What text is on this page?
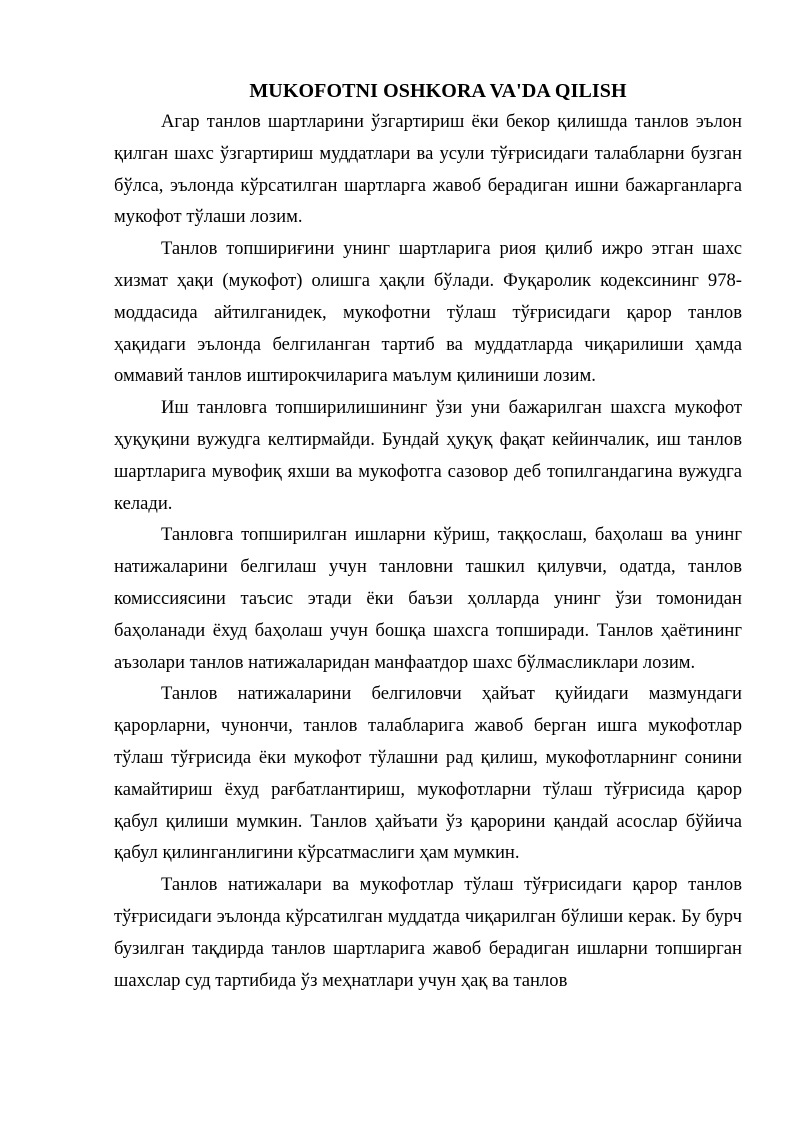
MUKOFOTNI OSHKORA VA'DA QILISH

Агар танлов шартларини ўзгартириш ёки бекор қилишда танлов эълон қилган шахс ўзгартириш муддатлари ва усули тўғрисидаги талабларни бузган бўлса, эълонда кўрсатилган шартларга жавоб берадиган ишни бажарганларга мукофот тўлаши лозим.

Танлов топшириғини унинг шартларига риоя қилиб ижро этган шахс хизмат ҳақи (мукофот) олишга ҳақли бўлади. Фуқаролик кодексининг 978-моддасида айтилганидек, мукофотни тўлаш тўғрисидаги қарор танлов ҳақидаги эълонда белгиланган тартиб ва муддатларда чиқарилиши ҳамда оммавий танлов иштирокчиларига маълум қилиниши лозим.

Иш танловга топширилишининг ўзи уни бажарилган шахсга мукофот ҳуқуқини вужудга келтирмайди. Бундай ҳуқуқ фақат кейинчалик, иш танлов шартларига мувофиқ яхши ва мукофотга сазовор деб топилгандагина вужудга келади.

Танловга топширилган ишларни кўриш, таққослаш, баҳолаш ва унинг натижаларини белгилаш учун танловни ташкил қилувчи, одатда, танлов комиссиясини таъсис этади ёки баъзи ҳолларда унинг ўзи томонидан баҳоланади ёхуд баҳолаш учун бошқа шахсга топширади. Танлов ҳаётининг аъзолари танлов натижаларидан манфаатдор шахс бўлмасликлари лозим.

Танлов натижаларини белгиловчи ҳайъат қуйидаги мазмундаги қарорларни, чунончи, танлов талабларига жавоб берган ишга мукофотлар тўлаш тўғрисида ёки мукофот тўлашни рад қилиш, мукофотларнинг сонини камайтириш ёхуд рағбатлантириш, мукофотларни тўлаш тўғрисида қарор қабул қилиши мумкин. Танлов ҳайъати ўз қарорини қандай асослар бўйича қабул қилинганлигини кўрсатмаслиги ҳам мумкин.

Танлов натижалари ва мукофотлар тўлаш тўғрисидаги қарор танлов тўғрисидаги эълонда кўрсатилган муддатда чиқарилган бўлиши керак. Бу бурч бузилган тақдирда танлов шартларига жавоб берадиган ишларни топширган шахслар суд тартибида ўз меҳнатлари учун ҳақ ва танлов
